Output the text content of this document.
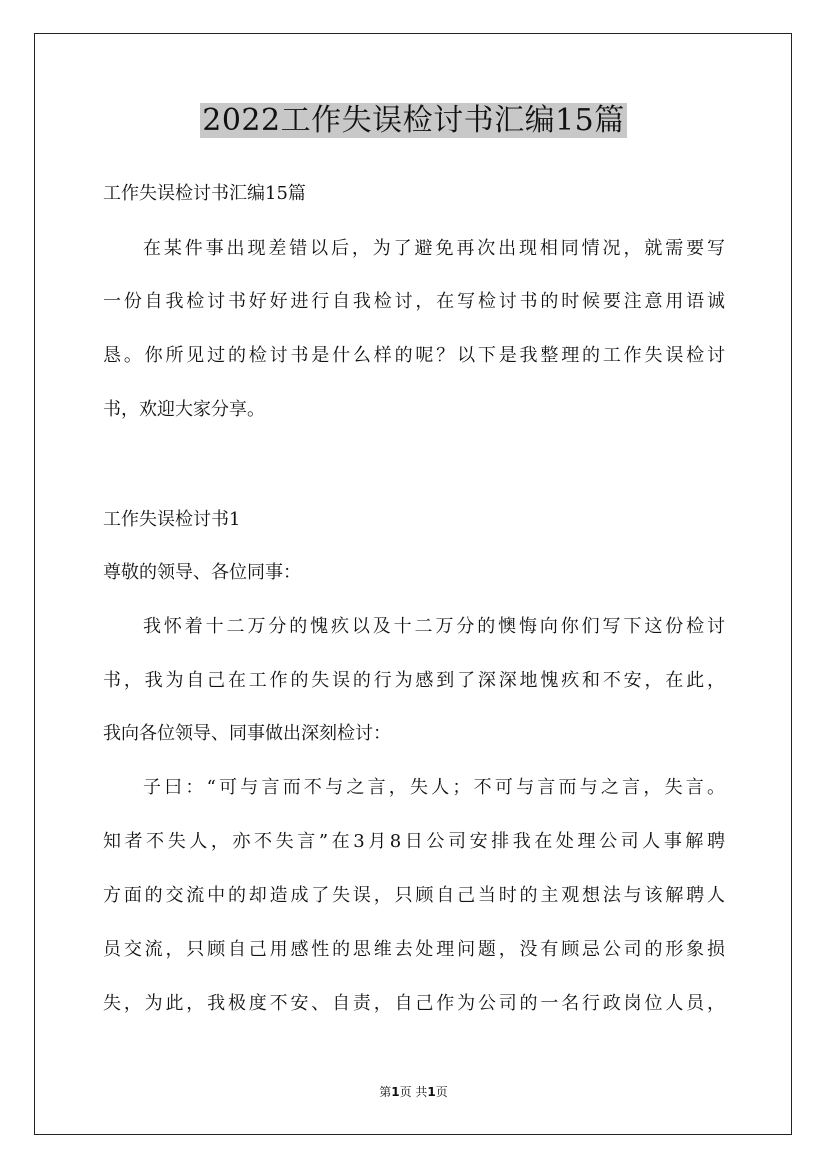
2022工作失误检讨书汇编15篇
工作失误检讨书汇编15篇
在某件事出现差错以后，为了避免再次出现相同情况，就需要写
一份自我检讨书好好进行自我检讨，在写检讨书的时候要注意用语诚
恳。你所见过的检讨书是什么样的呢？以下是我整理的工作失误检讨
书，欢迎大家分享。
工作失误检讨书1
尊敬的领导、各位同事：
我怀着十二万分的愧疚以及十二万分的懊悔向你们写下这份检讨
书，我为自己在工作的失误的行为感到了深深地愧疚和不安，在此，
我向各位领导、同事做出深刻检讨：
子曰：“可与言而不与之言，失人；不可与言而与之言，失言。
知者不失人，亦不失言”在3月8日公司安排我在处理公司人事解聘
方面的交流中的却造成了失误，只顾自己当时的主观想法与该解聘人
员交流，只顾自己用感性的思维去处理问题，没有顾忌公司的形象损
失，为此，我极度不安、自责，自己作为公司的一名行政岗位人员，
第1页 共1页
